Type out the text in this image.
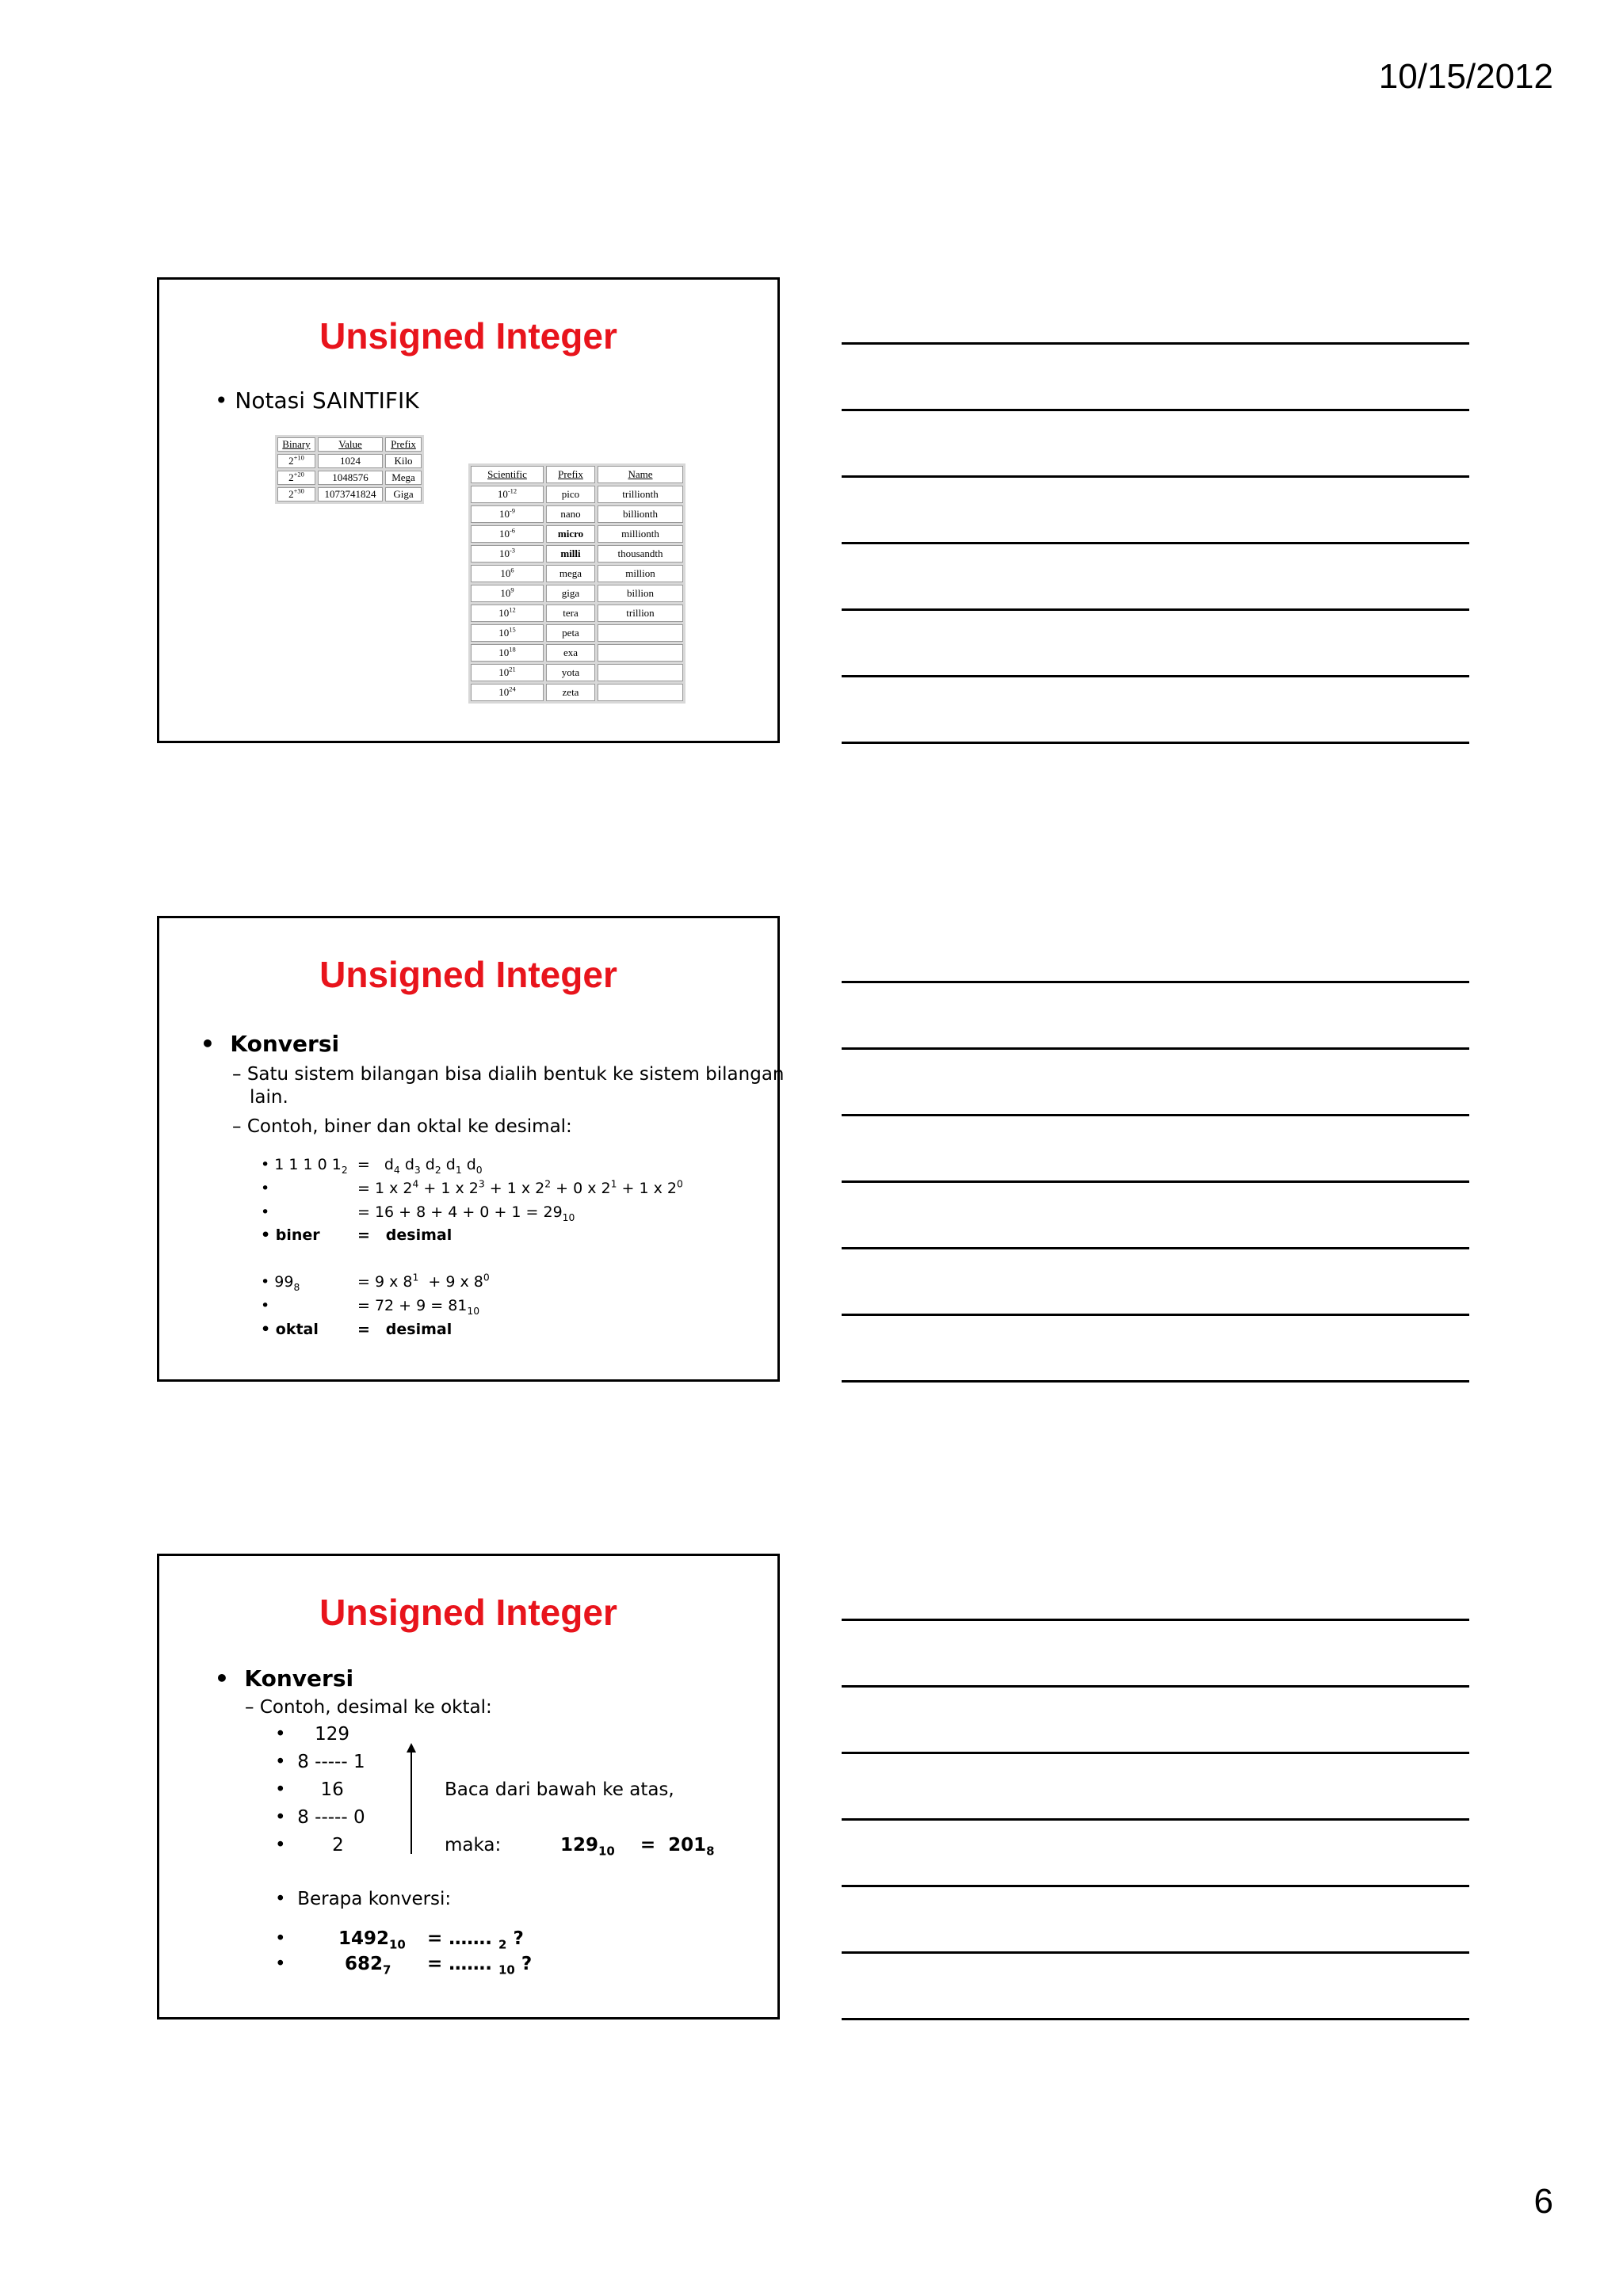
10/15/2012
Unsigned Integer
• Notasi SAINTIFIK
Binary	Value	Prefix
$2^{+10}$	1024	Kilo
$2^{+20}$	1048576	Mega
$2^{+30}$	1073741824	Giga
Scientific	Prefix	Name
$10^{-12}$	pico	trillionth
$10^{-9}$	nano	billionth
$10^{-6}$	micro	millionth
$10^{-3}$	milli	thousandth
$10^6$	mega	million
$10^9$	giga	billion
$10^{12}$	tera	trillion
$10^{15}$	peta	
$10^{18}$	exa	
$10^{21}$	yota	
$10^{24}$	zeta	
Unsigned Integer
•  Konversi
– Satu sistem bilangan bisa dialih bentuk ke sistem bilangan
lain.
– Contoh, biner dan oktal ke desimal:
• 1 1 1 0 $1_2 = d_4$ $d_3$ $d_2$ $d_1$ $d_0$
•	= 1 x $2^4 + 1$ x $2^3 + 1$ x $2^2 + 0$ x $2^1 + 1$ x $2^0$
•	= $16 + 8 + 4 + 0 + 1 = 29_{10}$
• biner = desimal
• $99_8$	= 9 x $8^1 + 9$ x $8^0$
•	= $72 + 9 = 81_{10}$
• oktal	= desimal
Unsigned Integer
•  Konversi
– Contoh, desimal ke oktal:
•     129
•  8 ----- 1
•      16
•  8 ----- 0
•        2
Baca dari bawah ke atas,
maka:	$129_{10} = 201_8$
•  Berapa konversi:
•	$1492_{10}$ = ……. $_2$ ?
•	$682_7$ = ……. $_{10}$ ?
6
